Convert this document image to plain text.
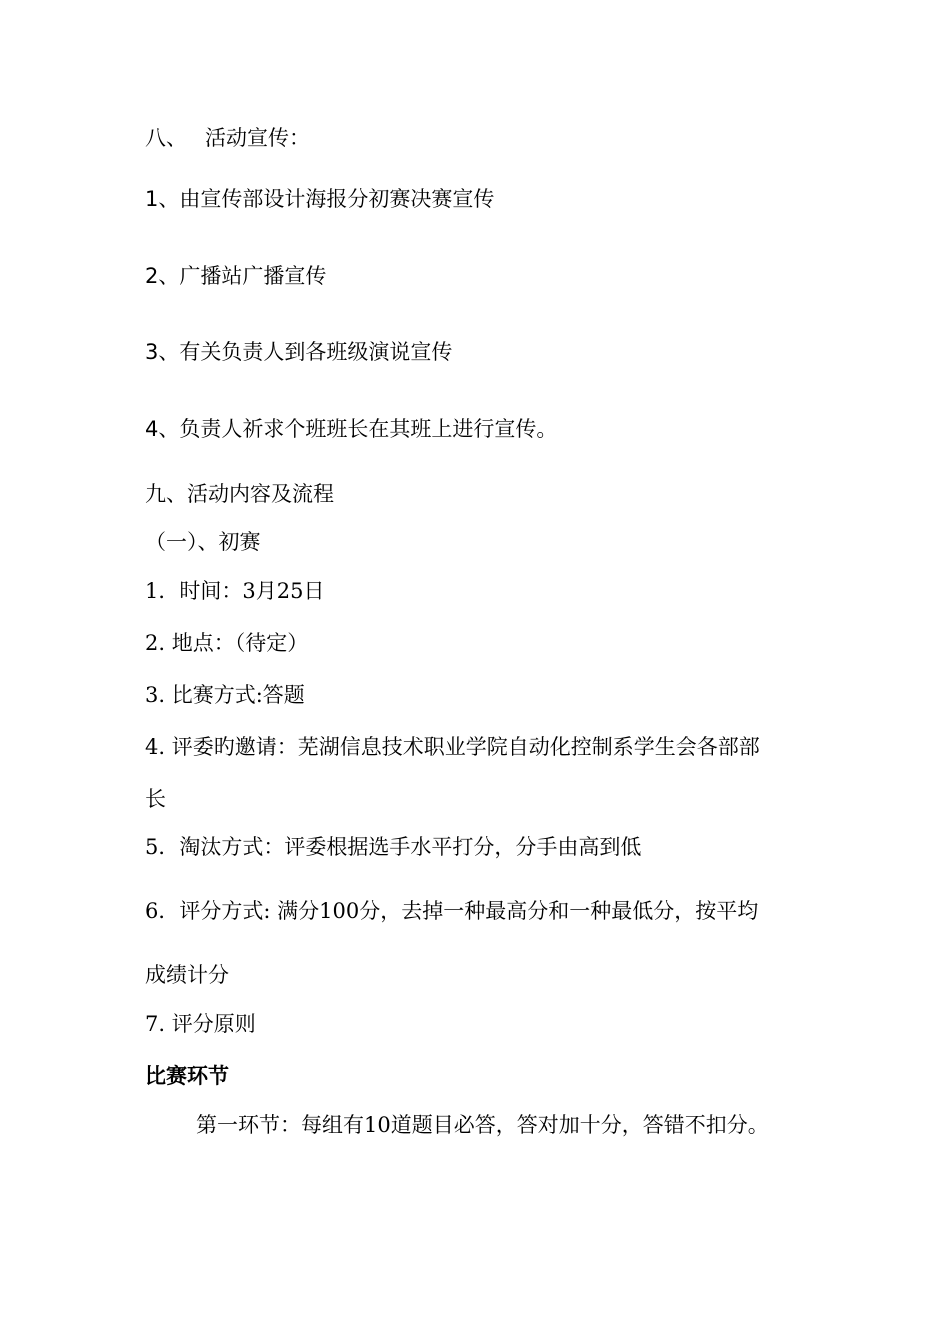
八、 活动宣传：
1、由宣传部设计海报分初赛决赛宣传
2、广播站广播宣传
3、有关负责人到各班级演说宣传
4、负责人祈求个班班长在其班上进行宣传。
九、活动内容及流程
（一）、初赛
1．时间：3月25日
2. 地点：（待定）
3. 比赛方式:答题
4. 评委旳邀请：芜湖信息技术职业学院自动化控制系学生会各部部
长
5．淘汰方式：评委根据选手水平打分，分手由高到低
6．评分方式: 满分100分，去掉一种最高分和一种最低分，按平均
成绩计分
7. 评分原则
比赛环节
第一环节：每组有10道题目必答，答对加十分，答错不扣分。
